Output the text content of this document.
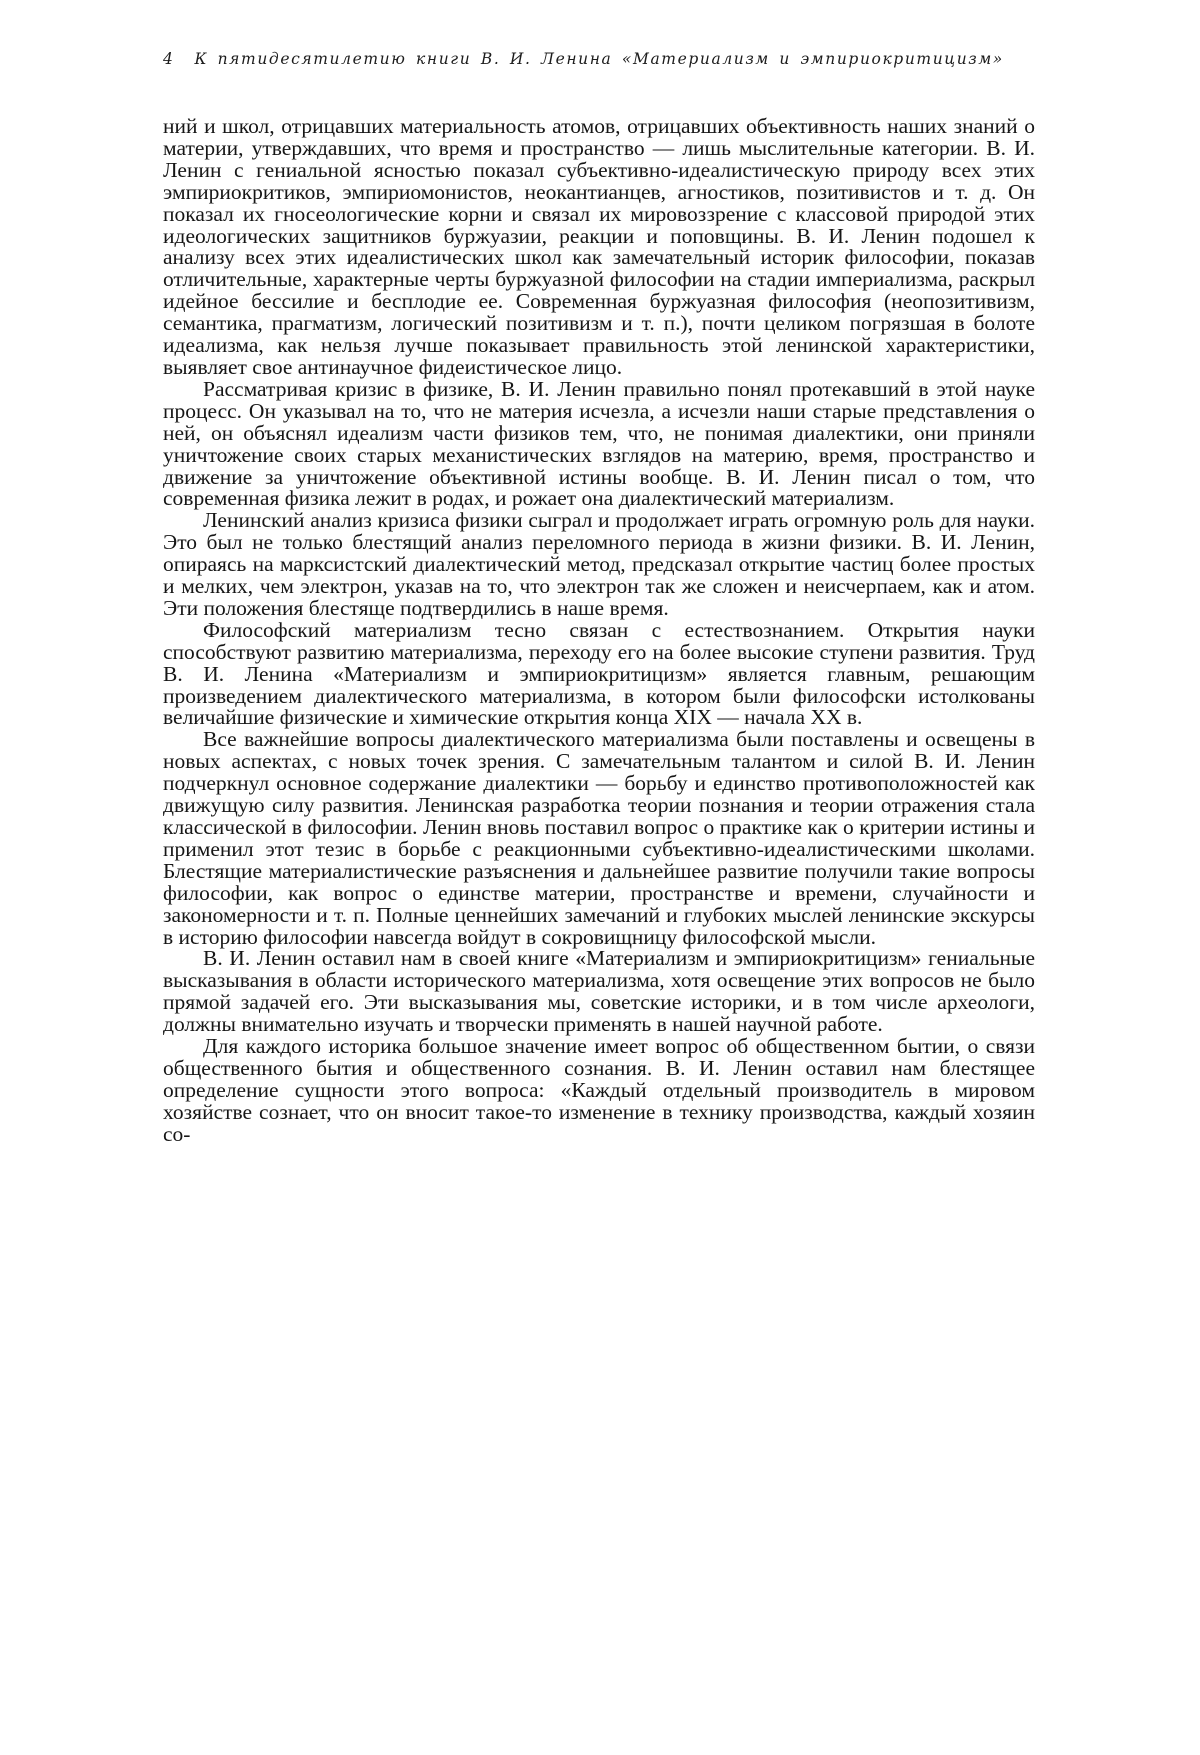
4 К пятидесятилетию книги В. И. Ленина «Материализм и эмпириокритицизм»

ний и школ, отрицавших материальность атомов, отрицавших объективность наших знаний о материи, утверждавших, что время и пространство — лишь мыслительные категории. В. И. Ленин с гениальной ясностью показал субъективно-идеалистическую природу всех этих эмпириокритиков, эмпириомонистов, неокантианцев, агностиков, позитивистов и т. д. Он показал их гносеологические корни и связал их мировоззрение с классовой природой этих идеологических защитников буржуазии, реакции и поповщины. В. И. Ленин подошел к анализу всех этих идеалистических школ как замечательный историк философии, показав отличительные, характерные черты буржуазной философии на стадии империализма, раскрыл идейное бессилие и бесплодие ее. Современная буржуазная философия (неопозитивизм, семантика, прагматизм, логический позитивизм и т. п.), почти целиком погрязшая в болоте идеализма, как нельзя лучше показывает правильность этой ленинской характеристики, выявляет свое антинаучное фидеистическое лицо.

Рассматривая кризис в физике, В. И. Ленин правильно понял протекавший в этой науке процесс. Он указывал на то, что не материя исчезла, а исчезли наши старые представления о ней, он объяснял идеализм части физиков тем, что, не понимая диалектики, они приняли уничтожение своих старых механистических взглядов на материю, время, пространство и движение за уничтожение объективной истины вообще. В. И. Ленин писал о том, что современная физика лежит в родах, и рожает она диалектический материализм.

Ленинский анализ кризиса физики сыграл и продолжает играть огромную роль для науки. Это был не только блестящий анализ переломного периода в жизни физики. В. И. Ленин, опираясь на марксистский диалектический метод, предсказал открытие частиц более простых и мелких, чем электрон, указав на то, что электрон так же сложен и неисчерпаем, как и атом. Эти положения блестяще подтвердились в наше время.

Философский материализм тесно связан с естествознанием. Открытия науки способствуют развитию материализма, переходу его на более высокие ступени развития. Труд В. И. Ленина «Материализм и эмпириокритицизм» является главным, решающим произведением диалектического материализма, в котором были философски истолкованы величайшие физические и химические открытия конца XIX — начала XX в.

Все важнейшие вопросы диалектического материализма были поставлены и освещены в новых аспектах, с новых точек зрения. С замечательным талантом и силой В. И. Ленин подчеркнул основное содержание диалектики — борьбу и единство противоположностей как движущую силу развития. Ленинская разработка теории познания и теории отражения стала классической в философии. Ленин вновь поставил вопрос о практике как о критерии истины и применил этот тезис в борьбе с реакционными субъективно-идеалистическими школами. Блестящие материалистические разъяснения и дальнейшее развитие получили такие вопросы философии, как вопрос о единстве материи, пространстве и времени, случайности и закономерности и т. п. Полные ценнейших замечаний и глубоких мыслей ленинские экскурсы в историю философии навсегда войдут в сокровищницу философской мысли.

В. И. Ленин оставил нам в своей книге «Материализм и эмпириокритицизм» гениальные высказывания в области исторического материализма, хотя освещение этих вопросов не было прямой задачей его. Эти высказывания мы, советские историки, и в том числе археологи, должны внимательно изучать и творчески применять в нашей научной работе.

Для каждого историка большое значение имеет вопрос об общественном бытии, о связи общественного бытия и общественного сознания. В. И. Ленин оставил нам блестящее определение сущности этого вопроса: «Каждый отдельный производитель в мировом хозяйстве сознает, что он вносит такое-то изменение в технику производства, каждый хозяин со-
